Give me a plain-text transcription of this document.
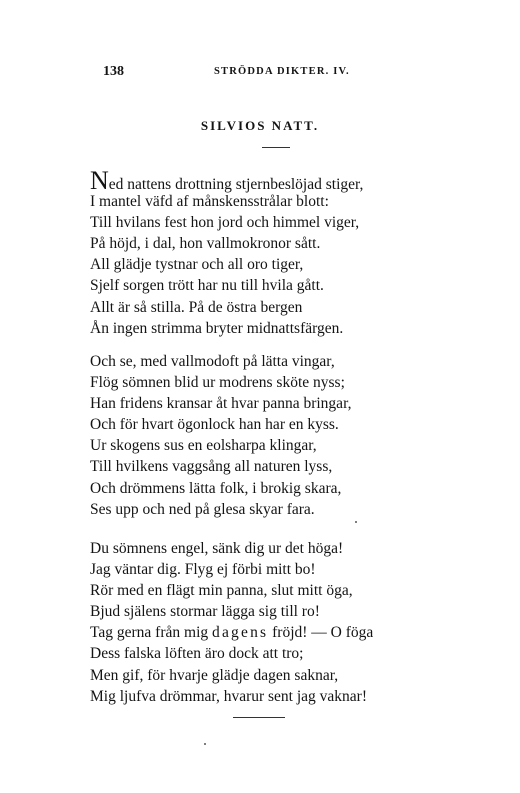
138	STRÖDDA DIKTER. IV.
SILVIOS NATT.
Ned nattens drottning stjernbeslöjad stiger,
I mantel väfd af månskensstrålar blott:
Till hvilans fest hon jord och himmel viger,
På höjd, i dal, hon vallmokronor sått.
All glädje tystnar och all oro tiger,
Sjelf sorgen trött har nu till hvila gått.
Allt är så stilla. På de östra bergen
Ån ingen strimma bryter midnattsfärgen.
Och se, med vallmodoft på lätta vingar,
Flög sömnen blid ur modrens sköte nyss;
Han fridens kransar åt hvar panna bringar,
Och för hvart ögonlock han har en kyss.
Ur skogens sus en eolsharpa klingar,
Till hvilkens vaggsång all naturen lyss,
Och drömmens lätta folk, i brokig skara,
Ses upp och ned på glesa skyar fara.
Du sömnens engel, sänk dig ur det höga!
Jag väntar dig. Flyg ej förbi mitt bo!
Rör med en flägt min panna, slut mitt öga,
Bjud själens stormar lägga sig till ro!
Tag gerna från mig dagens fröjd! — O föga
Dess falska löften äro dock att tro;
Men gif, för hvarje glädje dagen saknar,
Mig ljufva drömmar, hvarur sent jag vaknar!
